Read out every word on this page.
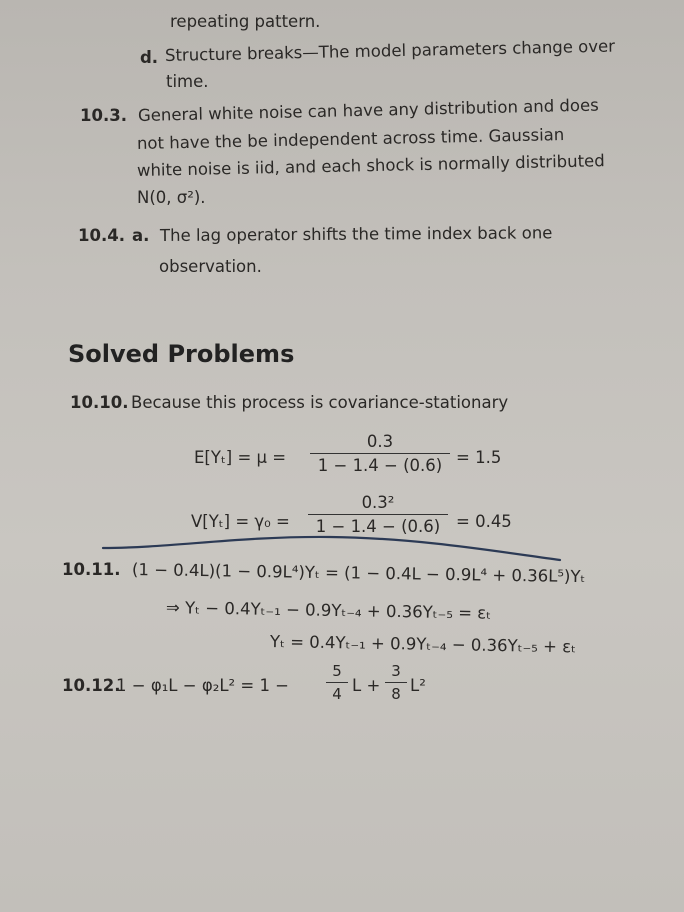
repeating pattern.
d. Structure breaks—The model parameters change over
time.
10.3. General white noise can have any distribution and does
not have the be independent across time. Gaussian
white noise is iid, and each shock is normally distributed
N(0, σ²).
10.4. a. The lag operator shifts the time index back one
observation.
Solved Problems
10.10. Because this process is covariance-stationary
$E[Y_t] = \mu = \frac{0.3}{1 - 1.4 - (0.6)} = 1.5$
$V[Y_t] = \gamma_0 = \frac{\text{0.3²}}{1 - 1.4 - (0.6)} = 0.45$
10.11. (1 − 0.4L)(1 − 0.9L⁴)Yₜ = (1 − 0.4L − 0.9L⁴ + 0.36L⁵)Yₜ
⇒ Yₜ − 0.4Yₜ₋₁ − 0.9Yₜ₋₄ + 0.36Yₜ₋₅ = εₜ
Yₜ = 0.4Yₜ₋₁ + 0.9Yₜ₋₄ − 0.36Yₜ₋₅ + εₜ
10.12.
$1 - \varphi_1L - \varphi_2L^2 = 1 - \frac{5}{4}$ $L + \frac{3}{8} L^2$
